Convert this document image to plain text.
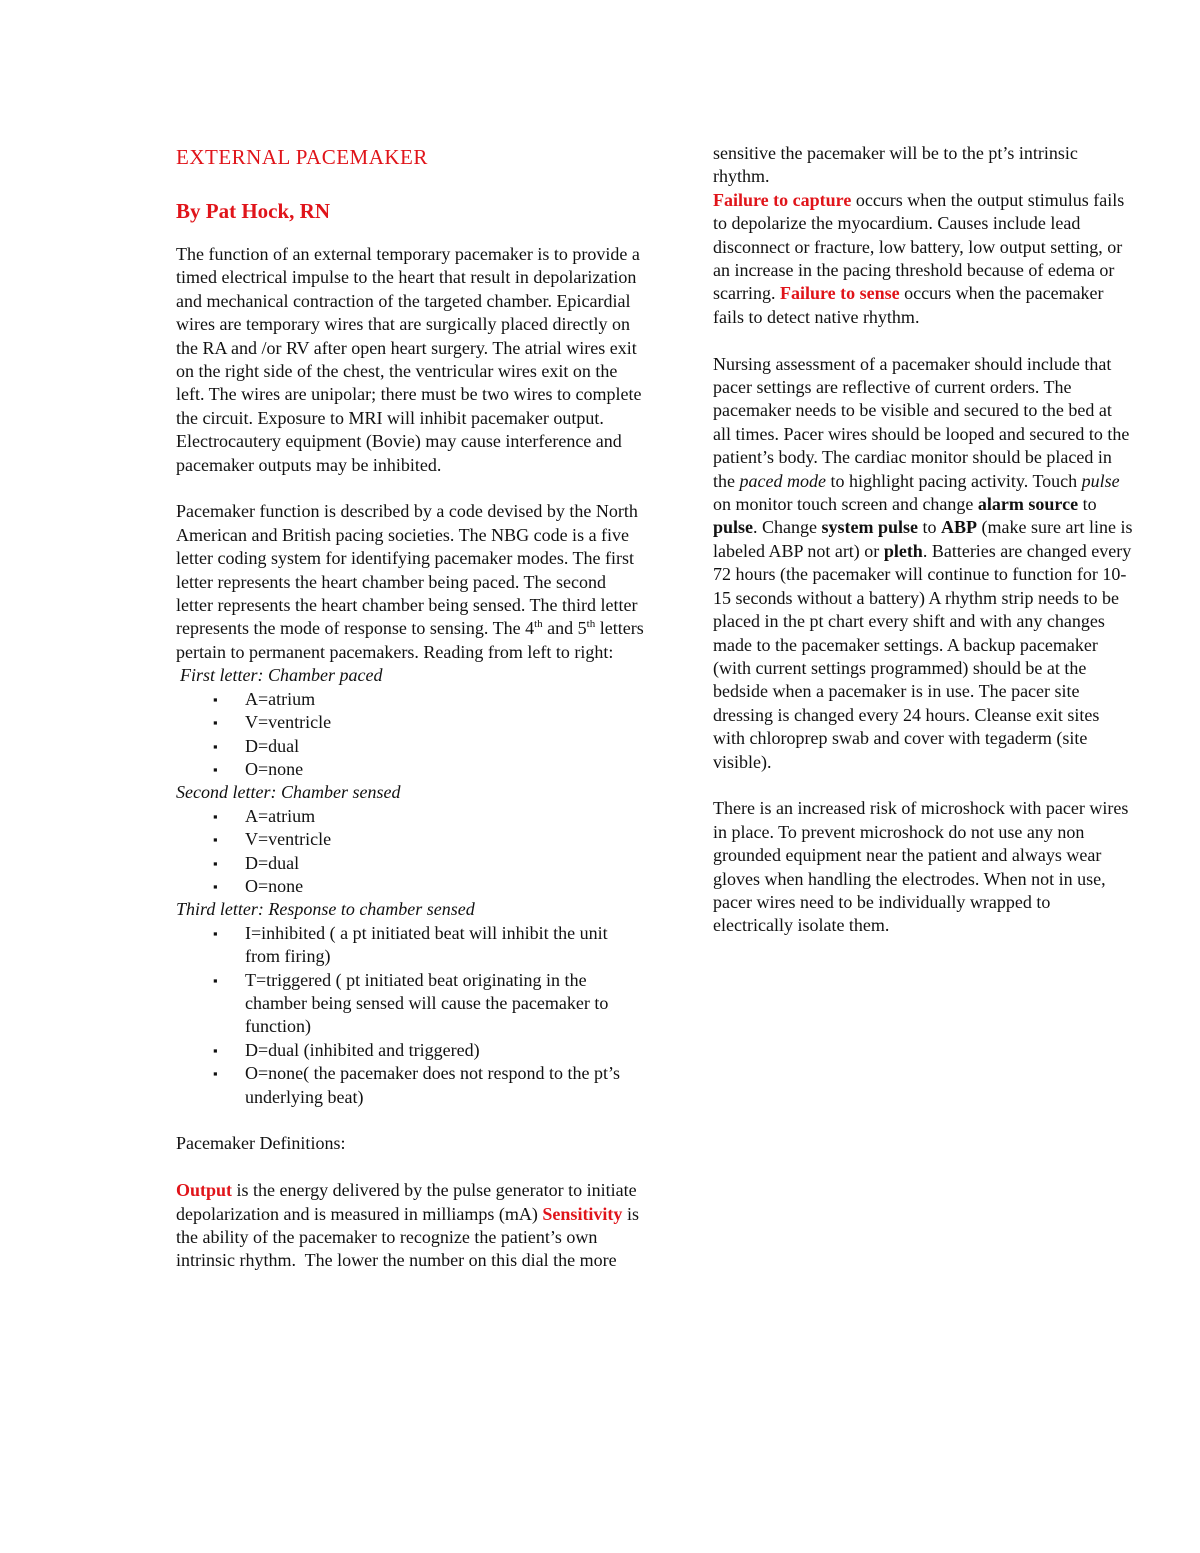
EXTERNAL PACEMAKER
By Pat Hock, RN

The function of an external temporary pacemaker is to provide a timed electrical impulse to the heart that result in depolarization and mechanical contraction of the targeted chamber. Epicardial wires are temporary wires that are surgically placed directly on the RA and /or RV after open heart surgery. The atrial wires exit on the right side of the chest, the ventricular wires exit on the left. The wires are unipolar; there must be two wires to complete the circuit. Exposure to MRI will inhibit pacemaker output. Electrocautery equipment (Bovie) may cause interference and pacemaker outputs may be inhibited.

Pacemaker function is described by a code devised by the North American and British pacing societies. The NBG code is a five letter coding system for identifying pacemaker modes. The first letter represents the heart chamber being paced. The second letter represents the heart chamber being sensed. The third letter represents the mode of response to sensing. The 4th and 5th letters pertain to permanent pacemakers. Reading from left to right:

First letter: Chamber paced
▪ A=atrium
▪ V=ventricle
▪ D=dual
▪ O=none
Second letter: Chamber sensed
▪ A=atrium
▪ V=ventricle
▪ D=dual
▪ O=none
Third letter: Response to chamber sensed
▪ I=inhibited ( a pt initiated beat will inhibit the unit from firing)
▪ T=triggered ( pt initiated beat originating in the chamber being sensed will cause the pacemaker to function)
▪ D=dual (inhibited and triggered)
▪ O=none( the pacemaker does not respond to the pt’s underlying beat)

Pacemaker Definitions:

Output is the energy delivered by the pulse generator to initiate depolarization and is measured in milliamps (mA) Sensitivity is the ability of the pacemaker to recognize the patient’s own intrinsic rhythm.  The lower the number on this dial the more

sensitive the pacemaker will be to the pt’s intrinsic rhythm.

Failure to capture occurs when the output stimulus fails to depolarize the myocardium. Causes include lead disconnect or fracture, low battery, low output setting, or an increase in the pacing threshold because of edema or scarring. Failure to sense occurs when the pacemaker fails to detect native rhythm.

Nursing assessment of a pacemaker should include that pacer settings are reflective of current orders. The pacemaker needs to be visible and secured to the bed at all times. Pacer wires should be looped and secured to the patient’s body. The cardiac monitor should be placed in the paced mode to highlight pacing activity. Touch pulse on monitor touch screen and change alarm source to pulse. Change system pulse to ABP (make sure art line is labeled ABP not art) or pleth. Batteries are changed every 72 hours (the pacemaker will continue to function for 10-15 seconds without a battery) A rhythm strip needs to be placed in the pt chart every shift and with any changes made to the pacemaker settings. A backup pacemaker (with current settings programmed) should be at the bedside when a pacemaker is in use. The pacer site dressing is changed every 24 hours. Cleanse exit sites with chloroprep swab and cover with tegaderm (site visible).

There is an increased risk of microshock with pacer wires in place. To prevent microshock do not use any non grounded equipment near the patient and always wear gloves when handling the electrodes. When not in use, pacer wires need to be individually wrapped to electrically isolate them.
